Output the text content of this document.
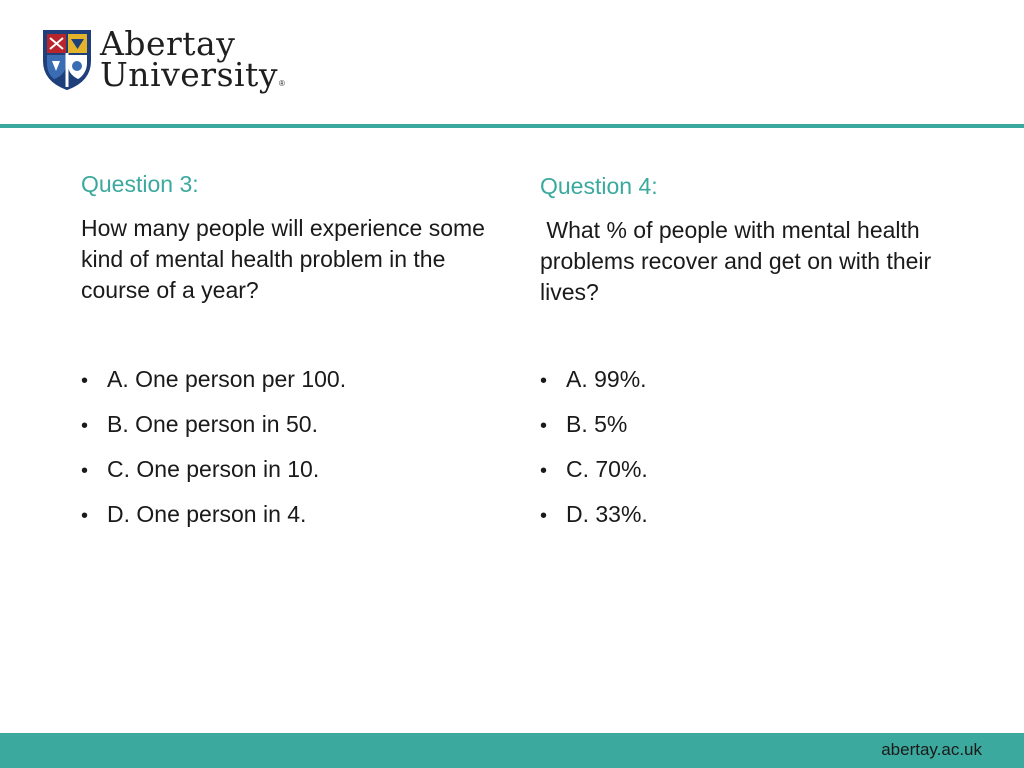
Abertay
University®

Question 3:

How many people will experience some kind of mental health problem in the course of a year?

• A. One person per 100.
• B. One person in 50.
• C. One person in 10.
• D. One person in 4.

Question 4:

What % of people with mental health problems recover and get on with their lives?

• A. 99%.
• B. 5%
• C. 70%.
• D. 33%.
abertay.ac.uk
